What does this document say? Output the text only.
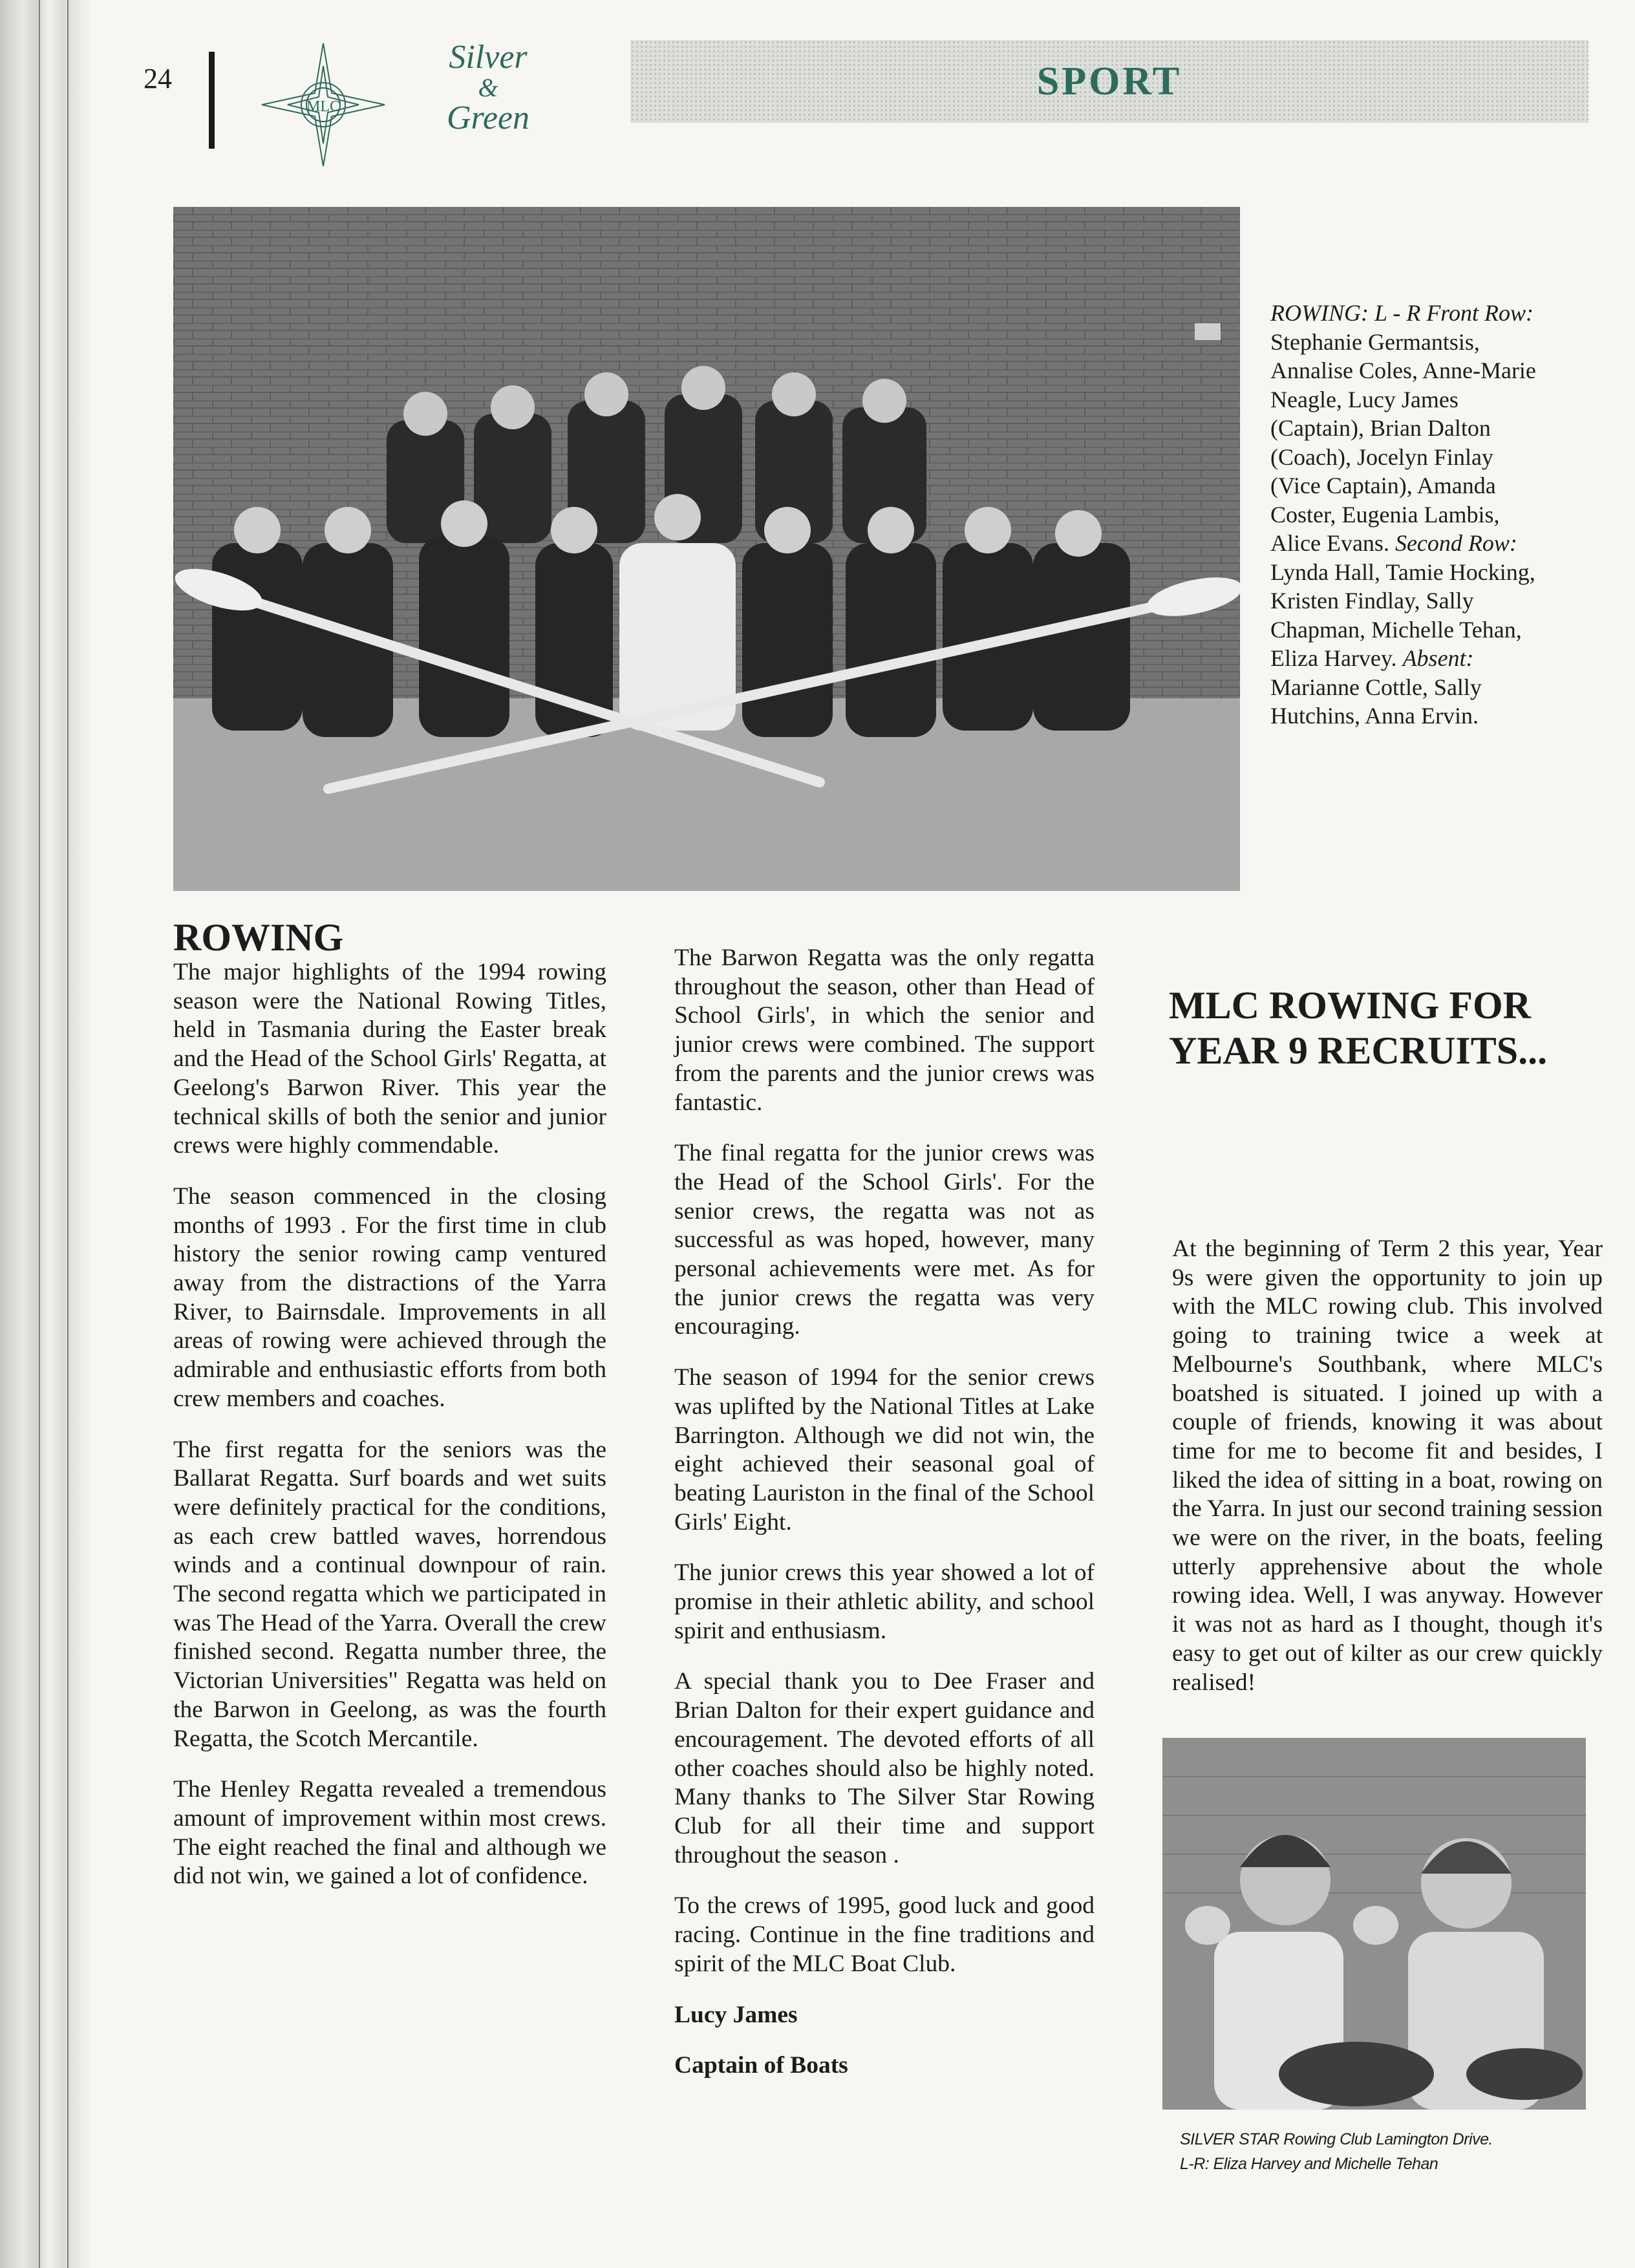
24
MLC
Silver
&
Green
SPORT
ROWING: L - R Front Row: Stephanie Germantsis, Annalise Coles, Anne-Marie Neagle, Lucy James (Captain), Brian Dalton (Coach), Jocelyn Finlay (Vice Captain), Amanda Coster, Eugenia Lambis, Alice Evans. Second Row: Lynda Hall, Tamie Hocking, Kristen Findlay, Sally Chapman, Michelle Tehan, Eliza Harvey. Absent: Marianne Cottle, Sally Hutchins, Anna Ervin.
ROWING

The major highlights of the 1994 rowing season were the National Rowing Titles, held in Tasmania during the Easter break and the Head of the School Girls' Regatta, at Geelong's Barwon River. This year the technical skills of both the senior and junior crews were highly commendable.

The season commenced in the closing months of 1993 . For the first time in club history the senior rowing camp ventured away from the distractions of the Yarra River, to Bairnsdale. Improvements in all areas of rowing were achieved through the admirable and enthusiastic efforts from both crew members and coaches.

The first regatta for the seniors was the Ballarat Regatta. Surf boards and wet suits were definitely practical for the conditions, as each crew battled waves, horrendous winds and a continual downpour of rain. The second regatta which we participated in was The Head of the Yarra. Overall the crew finished second. Regatta number three, the Victorian Universities" Regatta was held on the Barwon in Geelong, as was the fourth Regatta, the Scotch Mercantile.

The Henley Regatta revealed a tremendous amount of improvement within most crews. The eight reached the final and although we did not win, we gained a lot of confidence.

The Barwon Regatta was the only regatta throughout the season, other than Head of School Girls', in which the senior and junior crews were combined. The support from the parents and the junior crews was fantastic.

The final regatta for the junior crews was the Head of the School Girls'. For the senior crews, the regatta was not as successful as was hoped, however, many personal achievements were met. As for the junior crews the regatta was very encouraging.

The season of 1994 for the senior crews was uplifted by the National Titles at Lake Barrington. Although we did not win, the eight achieved their seasonal goal of beating Lauriston in the final of the School Girls' Eight.

The junior crews this year showed a lot of promise in their athletic ability, and school spirit and enthusiasm.

A special thank you to Dee Fraser and Brian Dalton for their expert guidance and encouragement. The devoted efforts of all other coaches should also be highly noted. Many thanks to The Silver Star Rowing Club for all their time and support throughout the season .

To the crews of 1995, good luck and good racing. Continue in the fine traditions and spirit of the MLC Boat Club.

Lucy James

Captain of Boats

MLC ROWING FOR
YEAR 9 RECRUITS...

At the beginning of Term 2 this year, Year 9s were given the opportunity to join up with the MLC rowing club. This involved going to training twice a week at Melbourne's Southbank, where MLC's boatshed is situated. I joined up with a couple of friends, knowing it was about time for me to become fit and besides, I liked the idea of sitting in a boat, rowing on the Yarra. In just our second training session we were on the river, in the boats, feeling utterly apprehensive about the whole rowing idea. Well, I was anyway. However it was not as hard as I thought, though it's easy to get out of kilter as our crew quickly realised!

SILVER STAR Rowing Club Lamington Drive.
L-R: Eliza Harvey and Michelle Tehan
